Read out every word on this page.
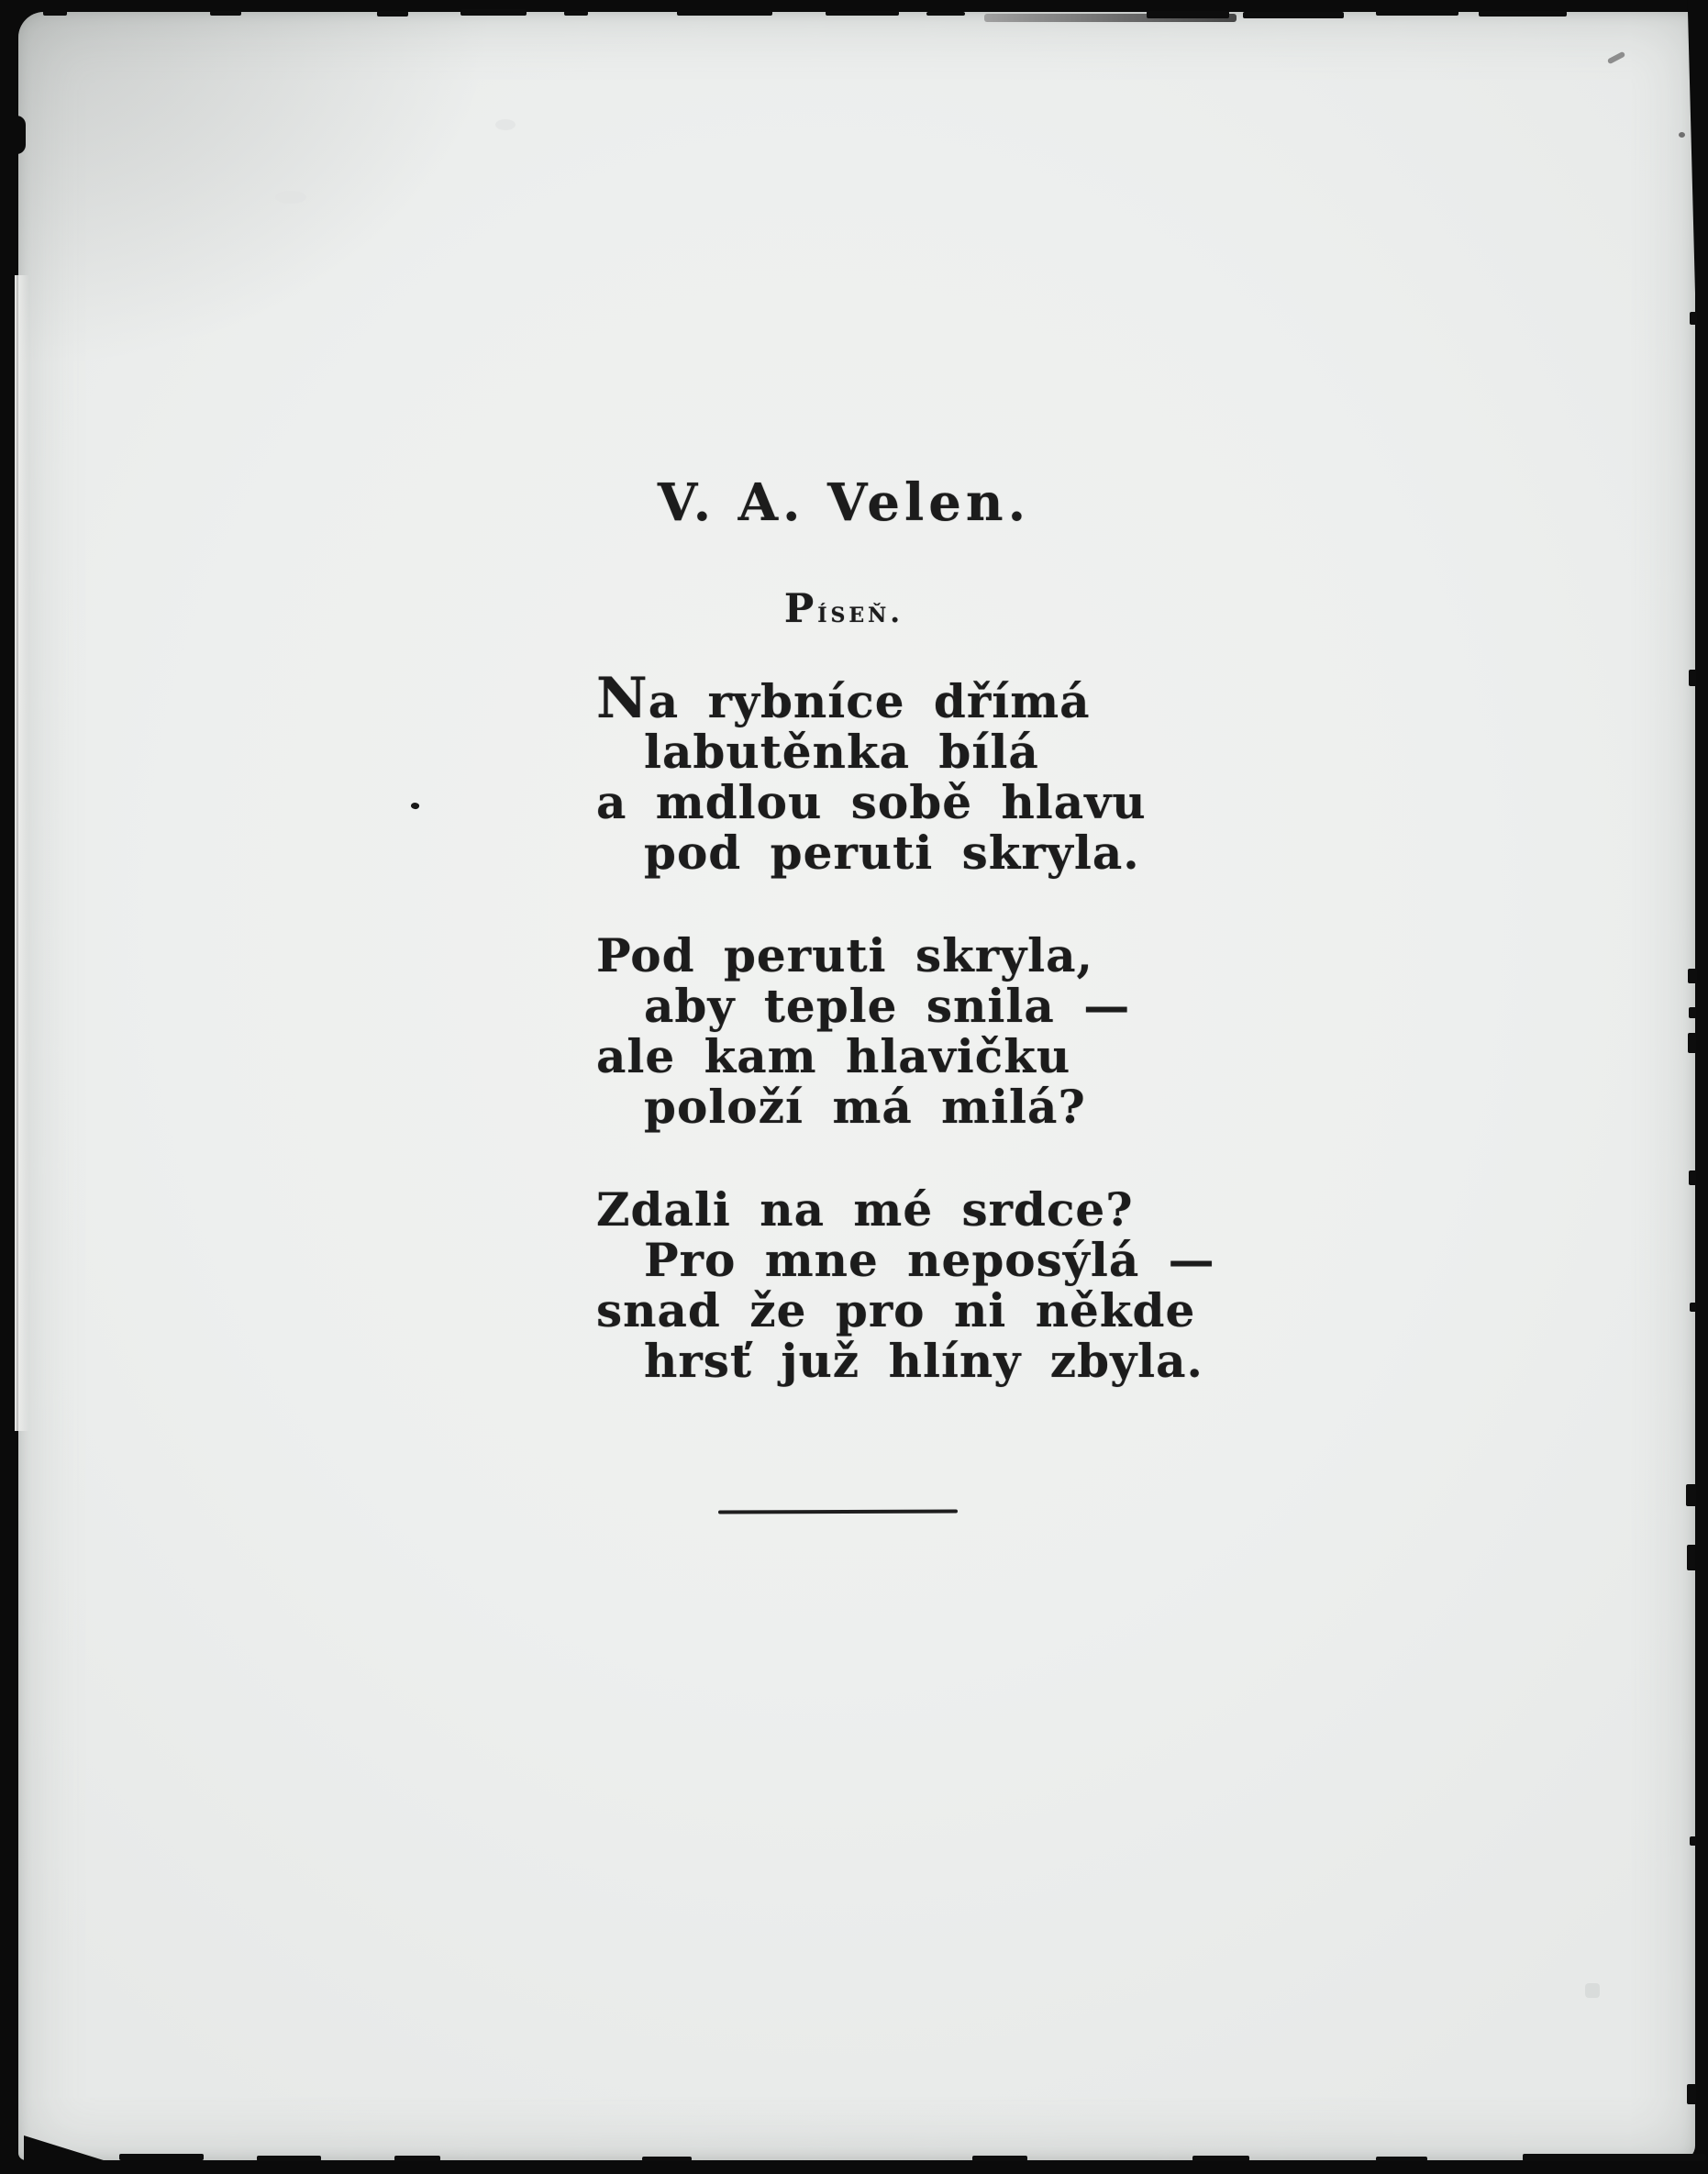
V. A. Velen.
Píseň.

Na rybníce dřímá

labutěnka bílá

a mdlou sobě hlavu

pod peruti skryla.

Pod peruti skryla,

aby teple snila —

ale kam hlavičku

položí má milá?

Zdali na mé srdce?

Pro mne neposýlá —

snad že pro ni někde

hrsť juž hlíny zbyla.
